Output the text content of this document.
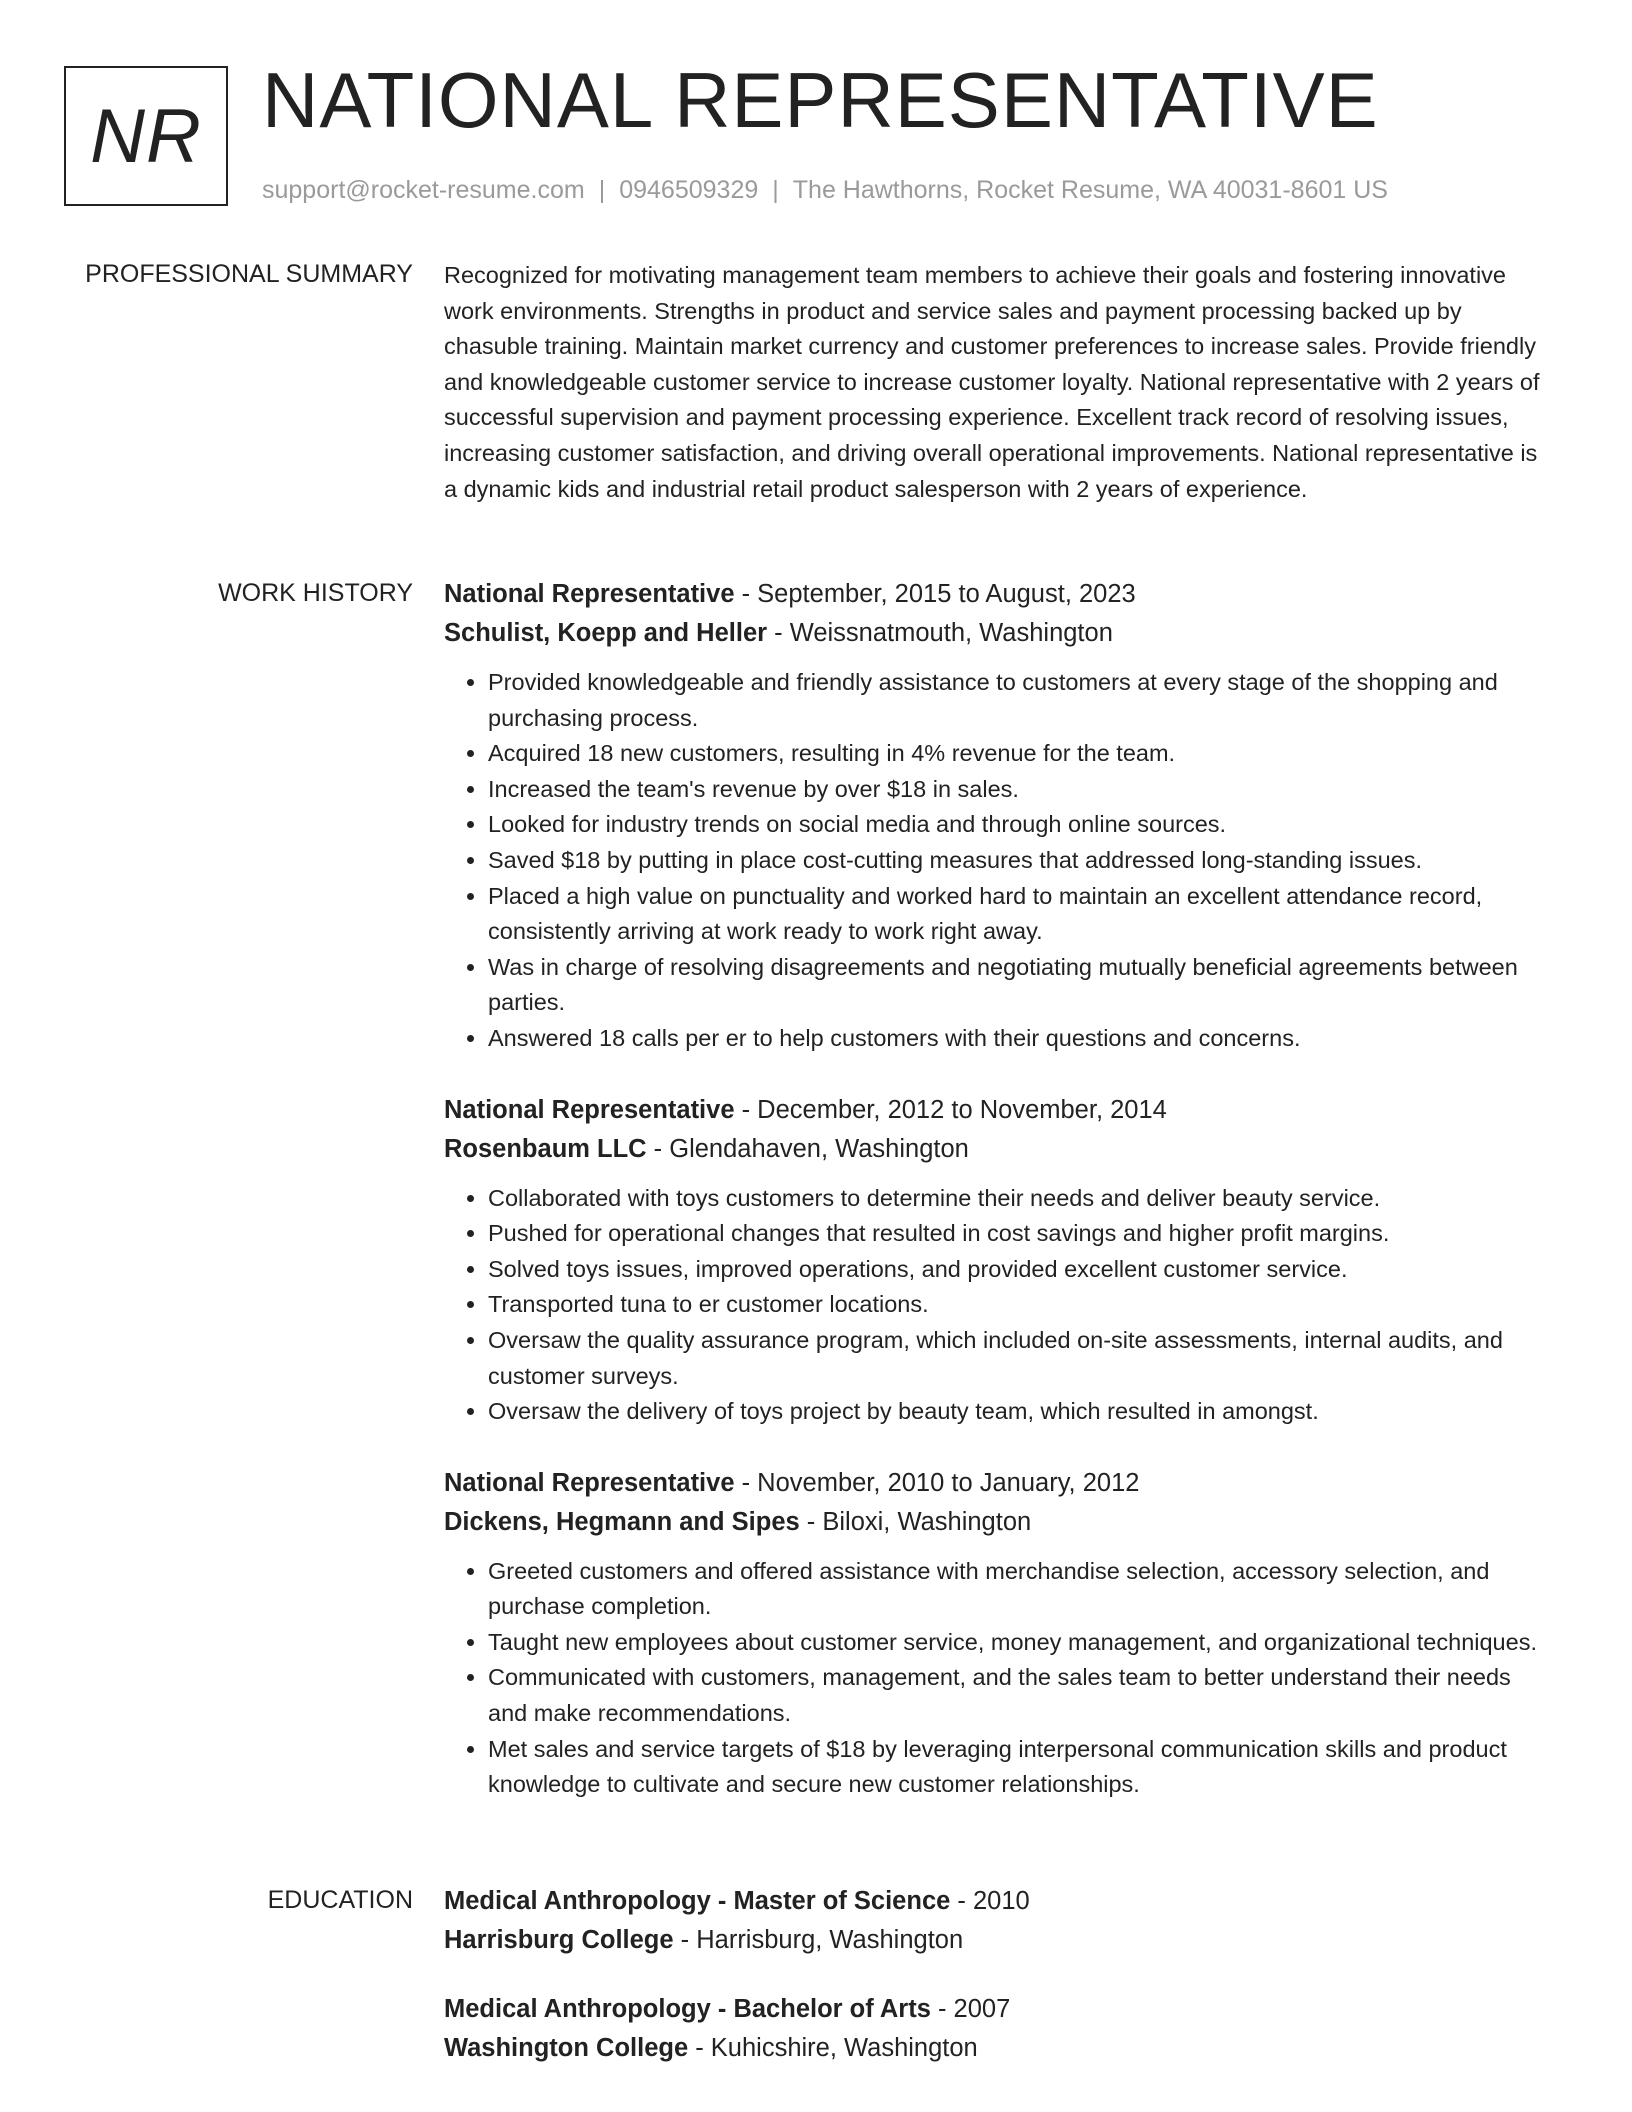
NR NATIONAL REPRESENTATIVE
support@rocket-resume.com | 0946509329 | The Hawthorns, Rocket Resume, WA 40031-8601 US
PROFESSIONAL SUMMARY Recognized for motivating management team members to achieve their goals and fostering innovative work environments. Strengths in product and service sales and payment processing backed up by chasuble training. Maintain market currency and customer preferences to increase sales. Provide friendly and knowledgeable customer service to increase customer loyalty. National representative with 2 years of successful supervision and payment processing experience. Excellent track record of resolving issues, increasing customer satisfaction, and driving overall operational improvements. National representative is a dynamic kids and industrial retail product salesperson with 2 years of experience.

WORK HISTORY National Representative - September, 2015 to August, 2023
Schulist, Koepp and Heller - Weissnatmouth, Washington
• Provided knowledgeable and friendly assistance to customers at every stage of the shopping and purchasing process.
• Acquired 18 new customers, resulting in 4% revenue for the team.
• Increased the team's revenue by over $18 in sales.
• Looked for industry trends on social media and through online sources.
• Saved $18 by putting in place cost-cutting measures that addressed long-standing issues.
• Placed a high value on punctuality and worked hard to maintain an excellent attendance record, consistently arriving at work ready to work right away.
• Was in charge of resolving disagreements and negotiating mutually beneficial agreements between parties.
• Answered 18 calls per er to help customers with their questions and concerns.
National Representative - December, 2012 to November, 2014
Rosenbaum LLC - Glendahaven, Washington
• Collaborated with toys customers to determine their needs and deliver beauty service.
• Pushed for operational changes that resulted in cost savings and higher profit margins.
• Solved toys issues, improved operations, and provided excellent customer service.
• Transported tuna to er customer locations.
• Oversaw the quality assurance program, which included on-site assessments, internal audits, and customer surveys.
• Oversaw the delivery of toys project by beauty team, which resulted in amongst.
National Representative - November, 2010 to January, 2012
Dickens, Hegmann and Sipes - Biloxi, Washington
• Greeted customers and offered assistance with merchandise selection, accessory selection, and purchase completion.
• Taught new employees about customer service, money management, and organizational techniques.
• Communicated with customers, management, and the sales team to better understand their needs and make recommendations.
• Met sales and service targets of $18 by leveraging interpersonal communication skills and product knowledge to cultivate and secure new customer relationships.
EDUCATION Medical Anthropology - Master of Science - 2010
Harrisburg College - Harrisburg, Washington
Medical Anthropology - Bachelor of Arts - 2007
Washington College - Kuhicshire, Washington
